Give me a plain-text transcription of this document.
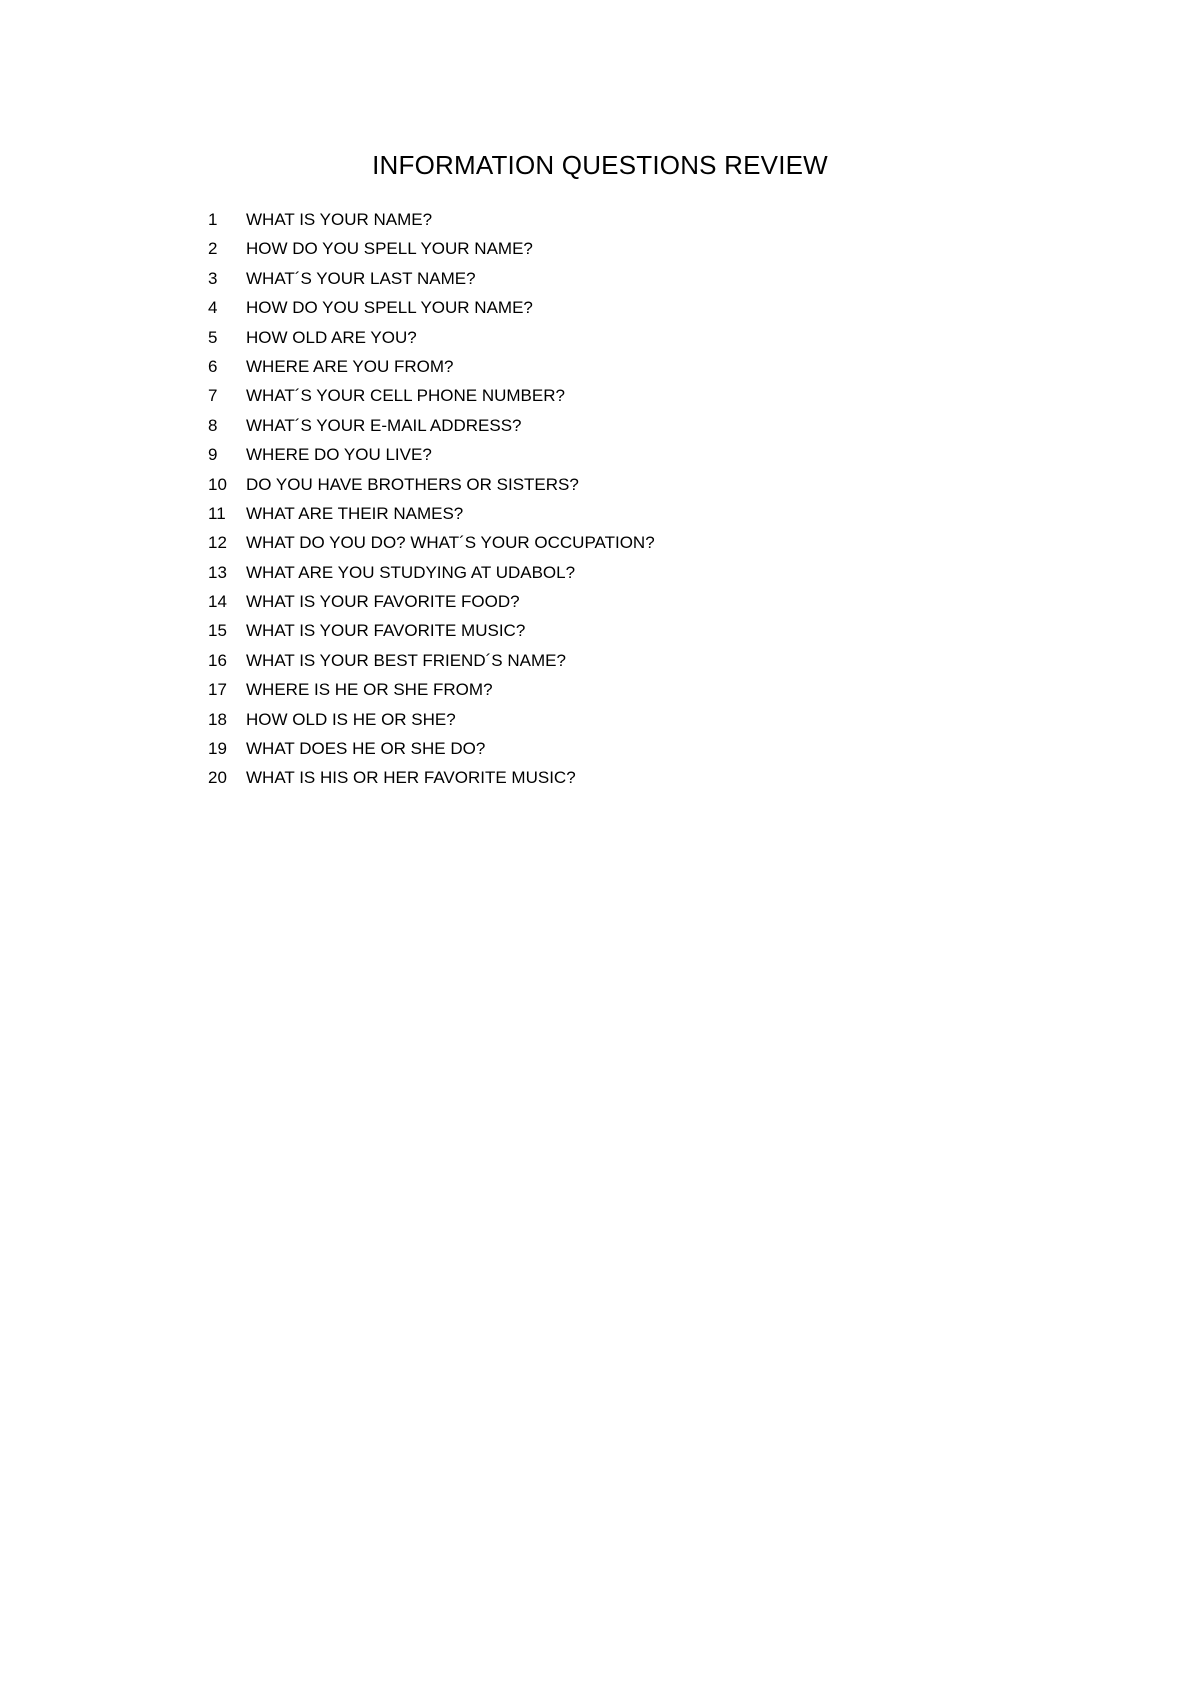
INFORMATION QUESTIONS REVIEW
1	WHAT IS YOUR NAME?
2	HOW DO YOU SPELL YOUR NAME?
3	WHAT´S YOUR LAST NAME?
4	HOW DO YOU SPELL YOUR NAME?
5	HOW OLD ARE YOU?
6	WHERE ARE YOU FROM?
7	WHAT´S YOUR CELL PHONE NUMBER?
8	WHAT´S YOUR E-MAIL ADDRESS?
9	WHERE DO YOU LIVE?
10	DO YOU HAVE BROTHERS OR SISTERS?
11	WHAT ARE THEIR NAMES?
12	WHAT DO YOU DO? WHAT´S YOUR OCCUPATION?
13	WHAT ARE YOU STUDYING AT UDABOL?
14	WHAT IS YOUR FAVORITE FOOD?
15	WHAT IS YOUR FAVORITE MUSIC?
16	WHAT IS YOUR BEST FRIEND´S NAME?
17	WHERE IS HE OR SHE FROM?
18	HOW OLD IS HE OR SHE?
19	WHAT DOES HE OR SHE DO?
20	WHAT IS HIS OR HER FAVORITE MUSIC?
